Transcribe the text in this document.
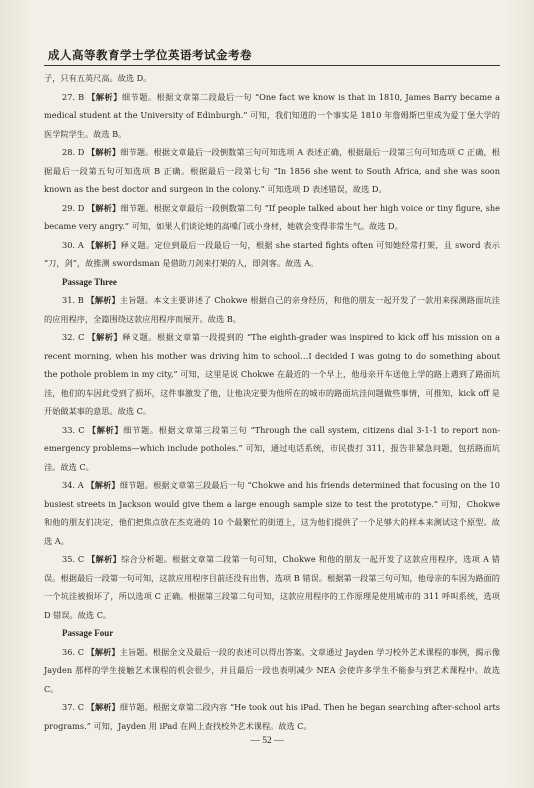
成人高等教育学士学位英语考试金考卷

子，只有五英尺高。故选 D。

27. B 【解析】细节题。根据文章第二段最后一句 “One fact we know is that in 1810, James Barry became a medical student at the University of Edinburgh.” 可知，我们知道的一个事实是 1810 年詹姆斯巴里成为爱丁堡大学的医学院学生。故选 B。

28. D 【解析】细节题。根据文章最后一段倒数第三句可知选项 A 表述正确，根据最后一段第三句可知选项 C 正确，根据最后一段第五句可知选项 B 正确。根据最后一段第七句 “In 1856 she went to South Africa, and she was soon known as the best doctor and surgeon in the colony.” 可知选项 D 表述错误，故选 D。

29. D 【解析】细节题。根据文章最后一段倒数第二句 “If people talked about her high voice or tiny figure, she became very angry.” 可知，如果人们谈论她的高嗓门或小身材，她就会变得非常生气。故选 D。

30. A 【解析】释义题。定位到最后一段最后一句，根据 she started fights often 可知她经常打架，且 sword 表示 “刀，剑”，故推测 swordsman 是借助刀剑来打架的人，即剑客。故选 A。

Passage Three

31. B 【解析】主旨题。本文主要讲述了 Chokwe 根据自己的亲身经历，和他的朋友一起开发了一款用来探测路面坑洼的应用程序，全篇围绕这款应用程序而展开。故选 B。

32. C 【解析】释义题。根据文章第一段提到的 “The eighth-grader was inspired to kick off his mission on a recent morning, when his mother was driving him to school…I decided I was going to do something about the pothole problem in my city,” 可知，这里是说 Chokwe 在最近的一个早上，他母亲开车送他上学的路上遇到了路面坑洼，他们的车因此受到了损坏，这件事激发了他，让他决定要为他所在的城市的路面坑洼问题做些事情，可推知，kick off 是开始做某事的意思。故选 C。

33. C 【解析】细节题。根据文章第三段第三句 “Through the call system, citizens dial 3-1-1 to report non-emergency problems—which include potholes.” 可知，通过电话系统，市民拨打 311，报告非紧急问题，包括路面坑洼。故选 C。

34. A 【解析】细节题。根据文章第三段最后一句 “Chokwe and his friends determined that focusing on the 10 busiest streets in Jackson would give them a large enough sample size to test the prototype.” 可知，Chokwe 和他的朋友们决定，他们把焦点放在杰克逊的 10 个最繁忙的街道上，这为他们提供了一个足够大的样本来测试这个原型。故选 A。

35. C 【解析】综合分析题。根据文章第二段第一句可知，Chokwe 和他的朋友一起开发了这款应用程序，选项 A 错误。根据最后一段第一句可知，这款应用程序目前还没有出售，选项 B 错误。根据第一段第三句可知，他母亲的车因为路面的一个坑洼被损坏了，所以选项 C 正确。根据第三段第二句可知，这款应用程序的工作原理是使用城市的 311 呼叫系统，选项 D 错误。故选 C。

Passage Four

36. C 【解析】主旨题。根据全文及最后一段的表述可以得出答案。文章通过 Jayden 学习校外艺术课程的事例，揭示像 Jayden 那样的学生接触艺术课程的机会很少，并且最后一段也表明减少 NEA 会使许多学生不能参与到艺术课程中。故选 C。

37. C 【解析】细节题。根据文章第二段内容 “He took out his iPad. Then he began searching after-school arts programs.” 可知，Jayden 用 iPad 在网上查找校外艺术课程。故选 C。

— 52 —
